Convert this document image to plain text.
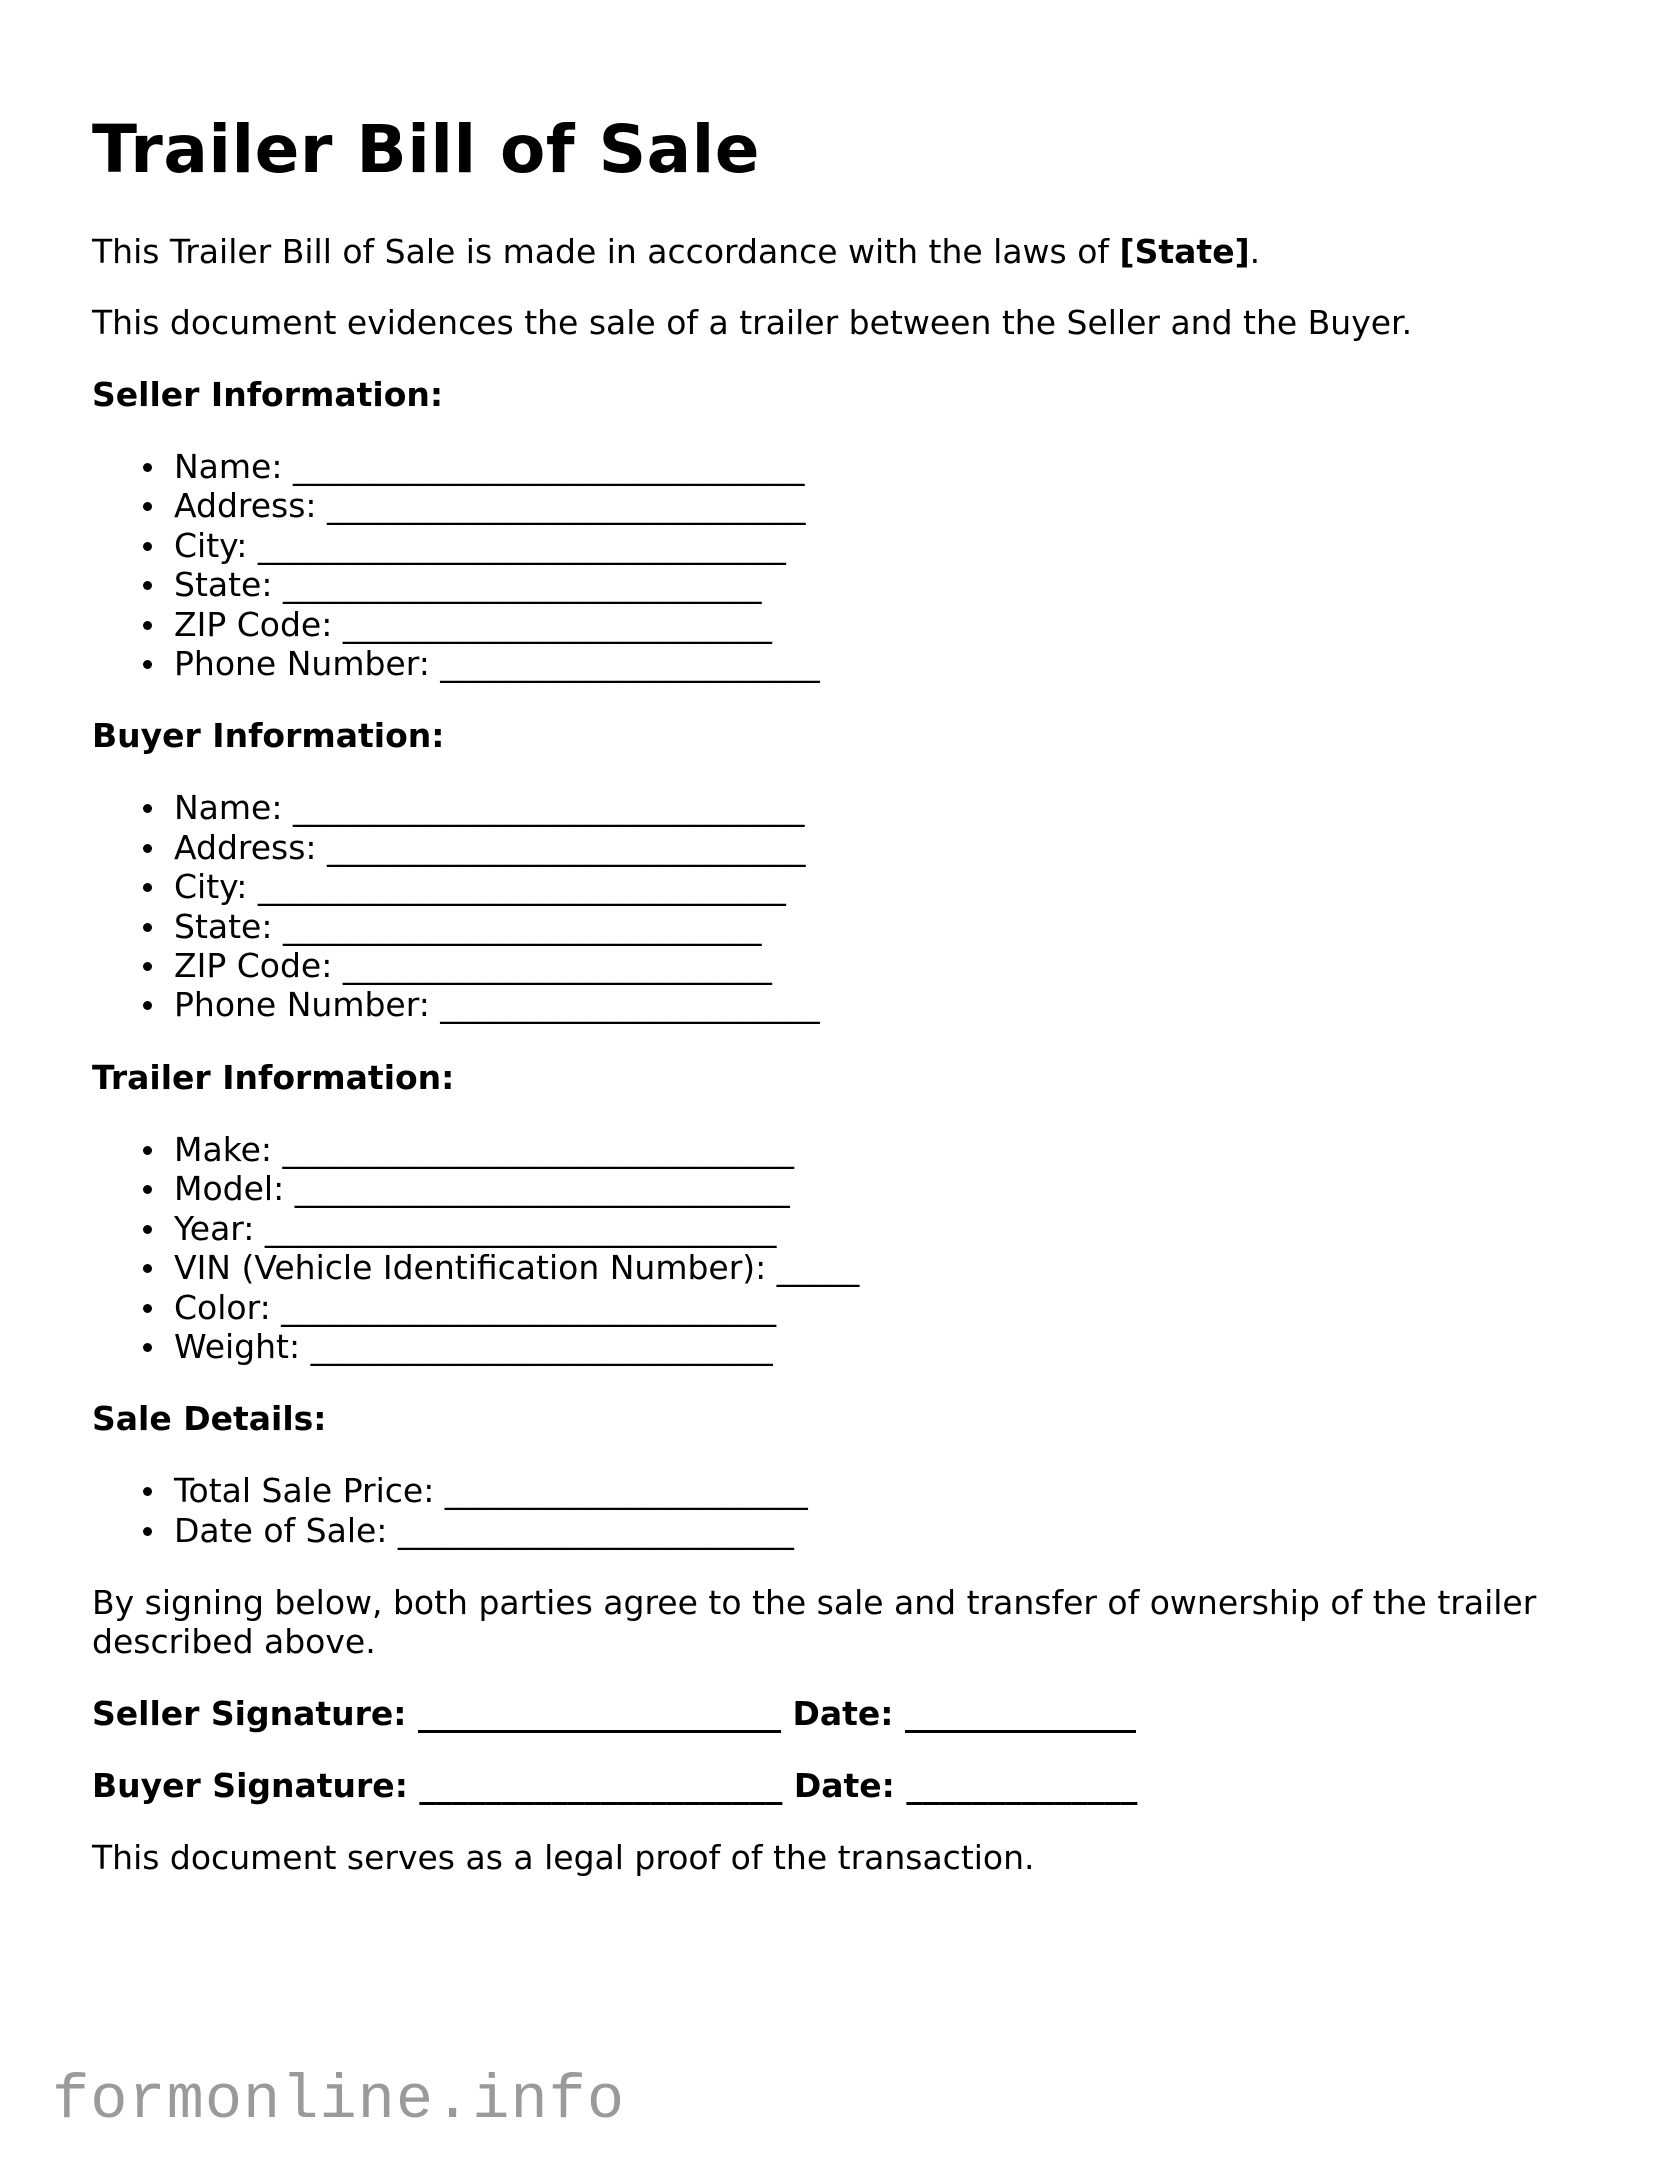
Trailer Bill of Sale

This Trailer Bill of Sale is made in accordance with the laws of [State].

This document evidences the sale of a trailer between the Seller and the Buyer.

Seller Information:
Name: _______________________________
Address: _____________________________
City: ________________________________
State: _____________________________
ZIP Code: __________________________
Phone Number: _______________________
Buyer Information:
Name: _______________________________
Address: _____________________________
City: ________________________________
State: _____________________________
ZIP Code: __________________________
Phone Number: _______________________
Trailer Information:
Make: _______________________________
Model: ______________________________
Year: _______________________________
VIN (Vehicle Identification Number): _____
Color: ______________________________
Weight: ____________________________
Sale Details:
Total Sale Price: ______________________
Date of Sale: ________________________

By signing below, both parties agree to the sale and transfer of ownership of the trailer described above.

Seller Signature: ______________________ Date: ______________
Buyer Signature: ______________________ Date: ______________

This document serves as a legal proof of the transaction.

formonline.info
